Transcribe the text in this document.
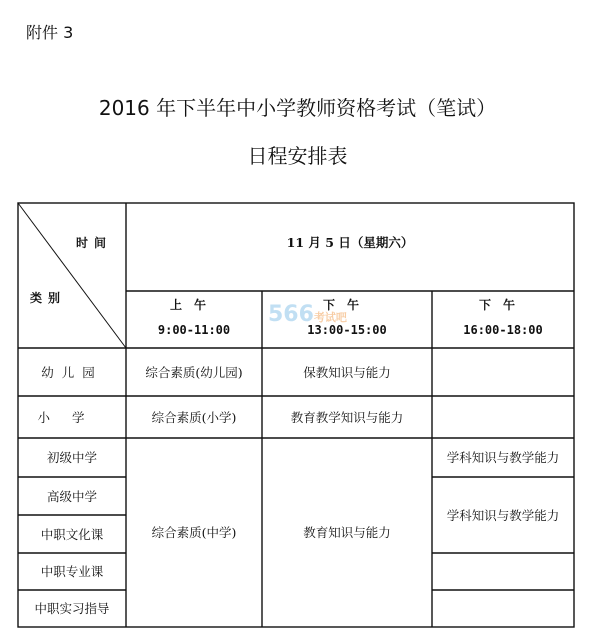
附件 3
2016 年下半年中小学教师资格考试（笔试）
日程安排表
时间
类别
11 月 5 日（星期六）
上午
9:00-11:00
下午
13:00-15:00
下午
16:00-18:00
566考试吧
幼儿园
小学
初级中学
高级中学
中职文化课
中职专业课
中职实习指导
综合素质(幼儿园)
综合素质(小学)
综合素质(中学)
保教知识与能力
教育教学知识与能力
教育知识与能力
学科知识与教学能力
学科知识与教学能力
